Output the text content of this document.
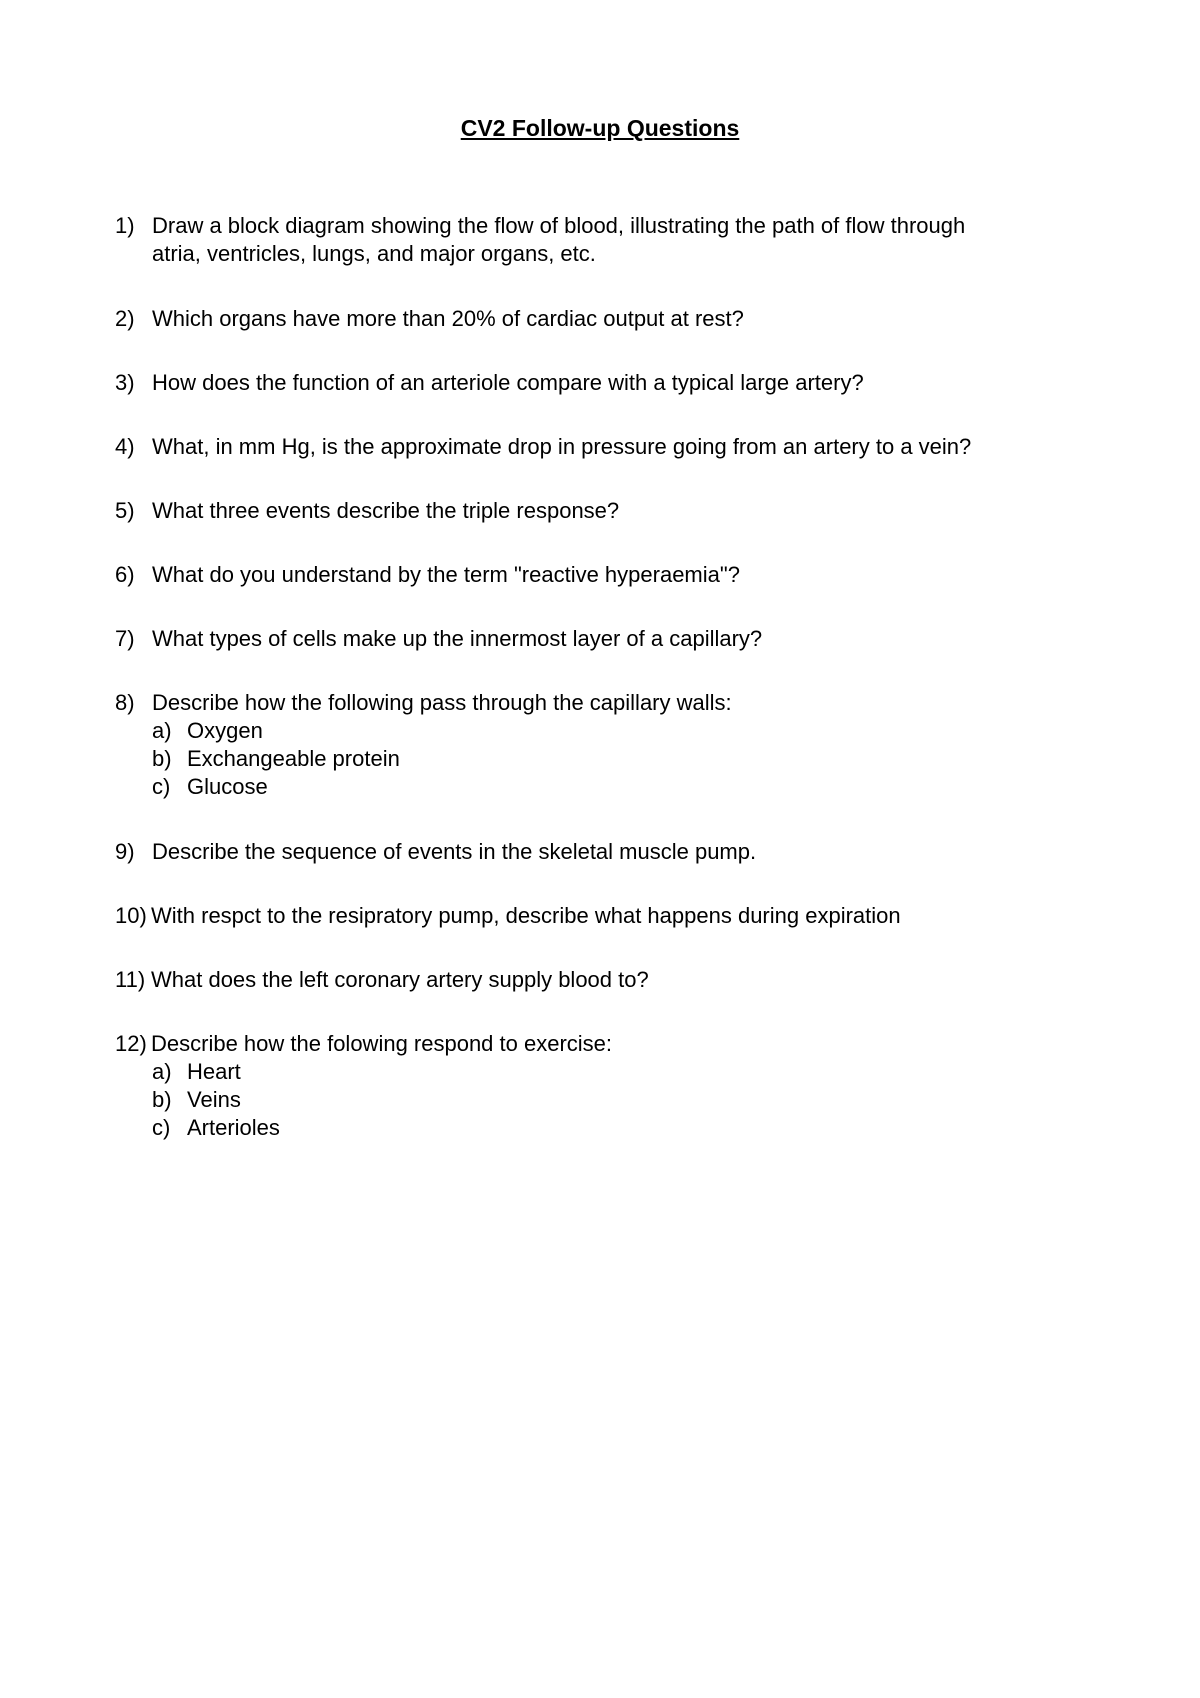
CV2 Follow-up Questions
1) Draw a block diagram showing the flow of blood, illustrating the path of flow through
atria, ventricles, lungs, and major organs, etc.
2) Which organs have more than 20% of cardiac output at rest?
3) How does the function of an arteriole compare with a typical large artery?
4) What, in mm Hg, is the approximate drop in pressure going from an artery to a vein?
5) What three events describe the triple response?
6) What do you understand by the term "reactive hyperaemia"?
7) What types of cells make up the innermost layer of a capillary?
8) Describe how the following pass through the capillary walls:
a) Oxygen
b) Exchangeable protein
c) Glucose
9) Describe the sequence of events in the skeletal muscle pump.
10) With respct to the resipratory pump, describe what happens during expiration
11) What does the left coronary artery supply blood to?
12) Describe how the folowing respond to exercise:
a) Heart
b) Veins
c) Arterioles
